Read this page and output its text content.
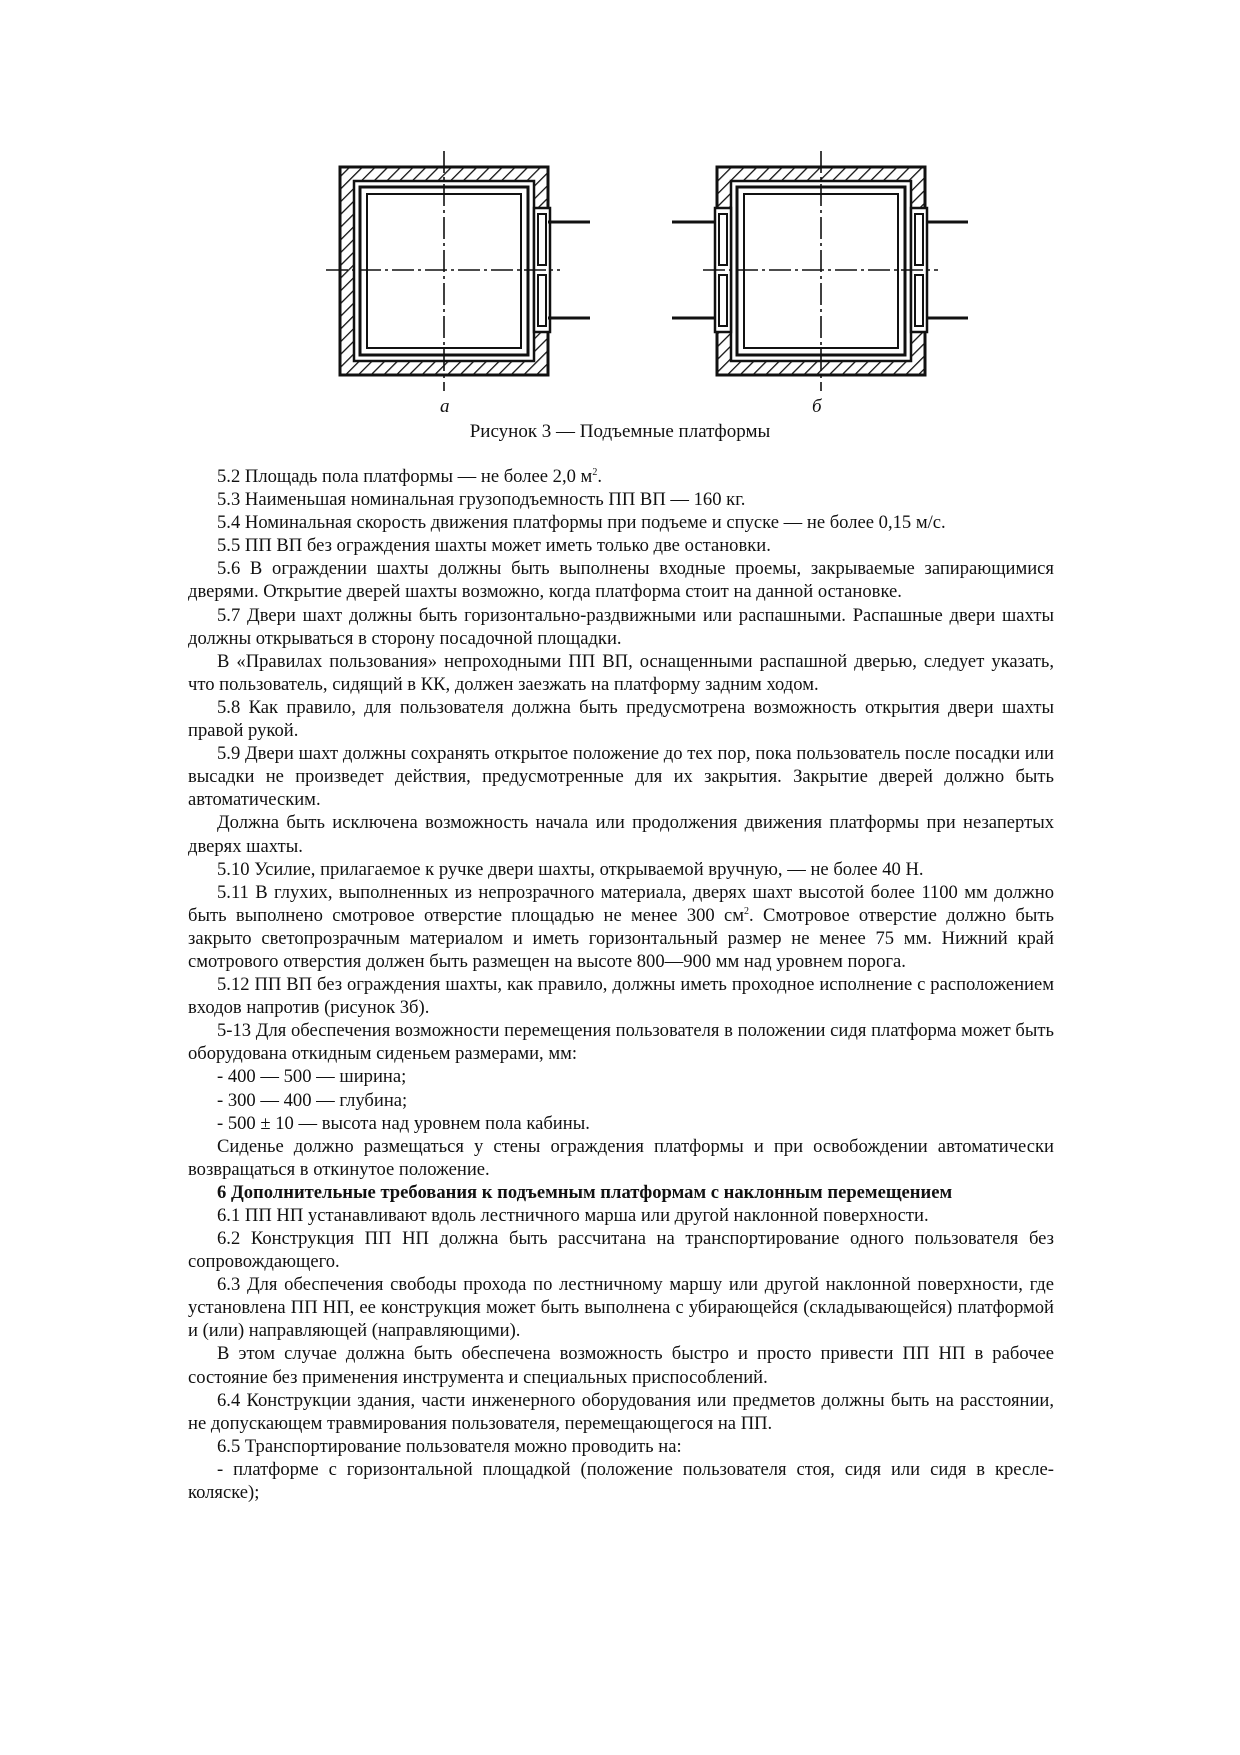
а	б
Рисунок 3 — Подъемные платформы

5.2 Площадь пола платформы — не более 2,0 $м^2$.

5.3 Наименьшая номинальная грузоподъемность ПП ВП — 160 кг.

5.4 Номинальная скорость движения платформы при подъеме и спуске — не более 0,15 м/с.

5.5 ПП ВП без ограждения шахты может иметь только две остановки.

5.6 В ограждении шахты должны быть выполнены входные проемы, закрываемые запирающимися дверями. Открытие дверей шахты возможно, когда платформа стоит на данной остановке.

5.7 Двери шахт должны быть горизонтально-раздвижными или распашными. Распашные двери шахты должны открываться в сторону посадочной площадки.

В «Правилах пользования» непроходными ПП ВП, оснащенными распашной дверью, следует указать, что пользователь, сидящий в КК, должен заезжать на платформу задним ходом.

5.8 Как правило, для пользователя должна быть предусмотрена возможность открытия двери шахты правой рукой.

5.9 Двери шахт должны сохранять открытое положение до тех пор, пока пользователь после посадки или высадки не произведет действия, предусмотренные для их закрытия. Закрытие дверей должно быть автоматическим.

Должна быть исключена возможность начала или продолжения движения платформы при незапертых дверях шахты.

5.10 Усилие, прилагаемое к ручке двери шахты, открываемой вручную, — не более 40 Н.

5.11 В глухих, выполненных из непрозрачного материала, дверях шахт высотой более 1100 мм должно быть выполнено смотровое отверстие площадью не менее 300 $см^2$. Смотровое отверстие должно быть закрыто светопрозрачным материалом и иметь горизонтальный размер не менее 75 мм. Нижний край смотрового отверстия должен быть размещен на высоте 800—900 мм над уровнем порога.

5.12 ПП ВП без ограждения шахты, как правило, должны иметь проходное исполнение с расположением входов напротив (рисунок 3б).

5-13 Для обеспечения возможности перемещения пользователя в положении сидя платформа может быть оборудована откидным сиденьем размерами, мм:

- 400 — 500 — ширина;

- 300 — 400 — глубина;

- 500 ± 10 — высота над уровнем пола кабины.

Сиденье должно размещаться у стены ограждения платформы и при освобождении автоматически возвращаться в откинутое положение.

6 Дополнительные требования к подъемным платформам с наклонным перемещением

6.1 ПП НП устанавливают вдоль лестничного марша или другой наклонной поверхности.

6.2 Конструкция ПП НП должна быть рассчитана на транспортирование одного пользователя без сопровождающего.

6.3 Для обеспечения свободы прохода по лестничному маршу или другой наклонной поверхности, где установлена ПП НП, ее конструкция может быть выполнена с убирающейся (складывающейся) платформой и (или) направляющей (направляющими).

В этом случае должна быть обеспечена возможность быстро и просто привести ПП НП в рабочее состояние без применения инструмента и специальных приспособлений.

6.4 Конструкции здания, части инженерного оборудования или предметов должны быть на расстоянии, не допускающем травмирования пользователя, перемещающегося на ПП.

6.5 Транспортирование пользователя можно проводить на:

- платформе с горизонтальной площадкой (положение пользователя стоя, сидя или сидя в кресле-коляске);
